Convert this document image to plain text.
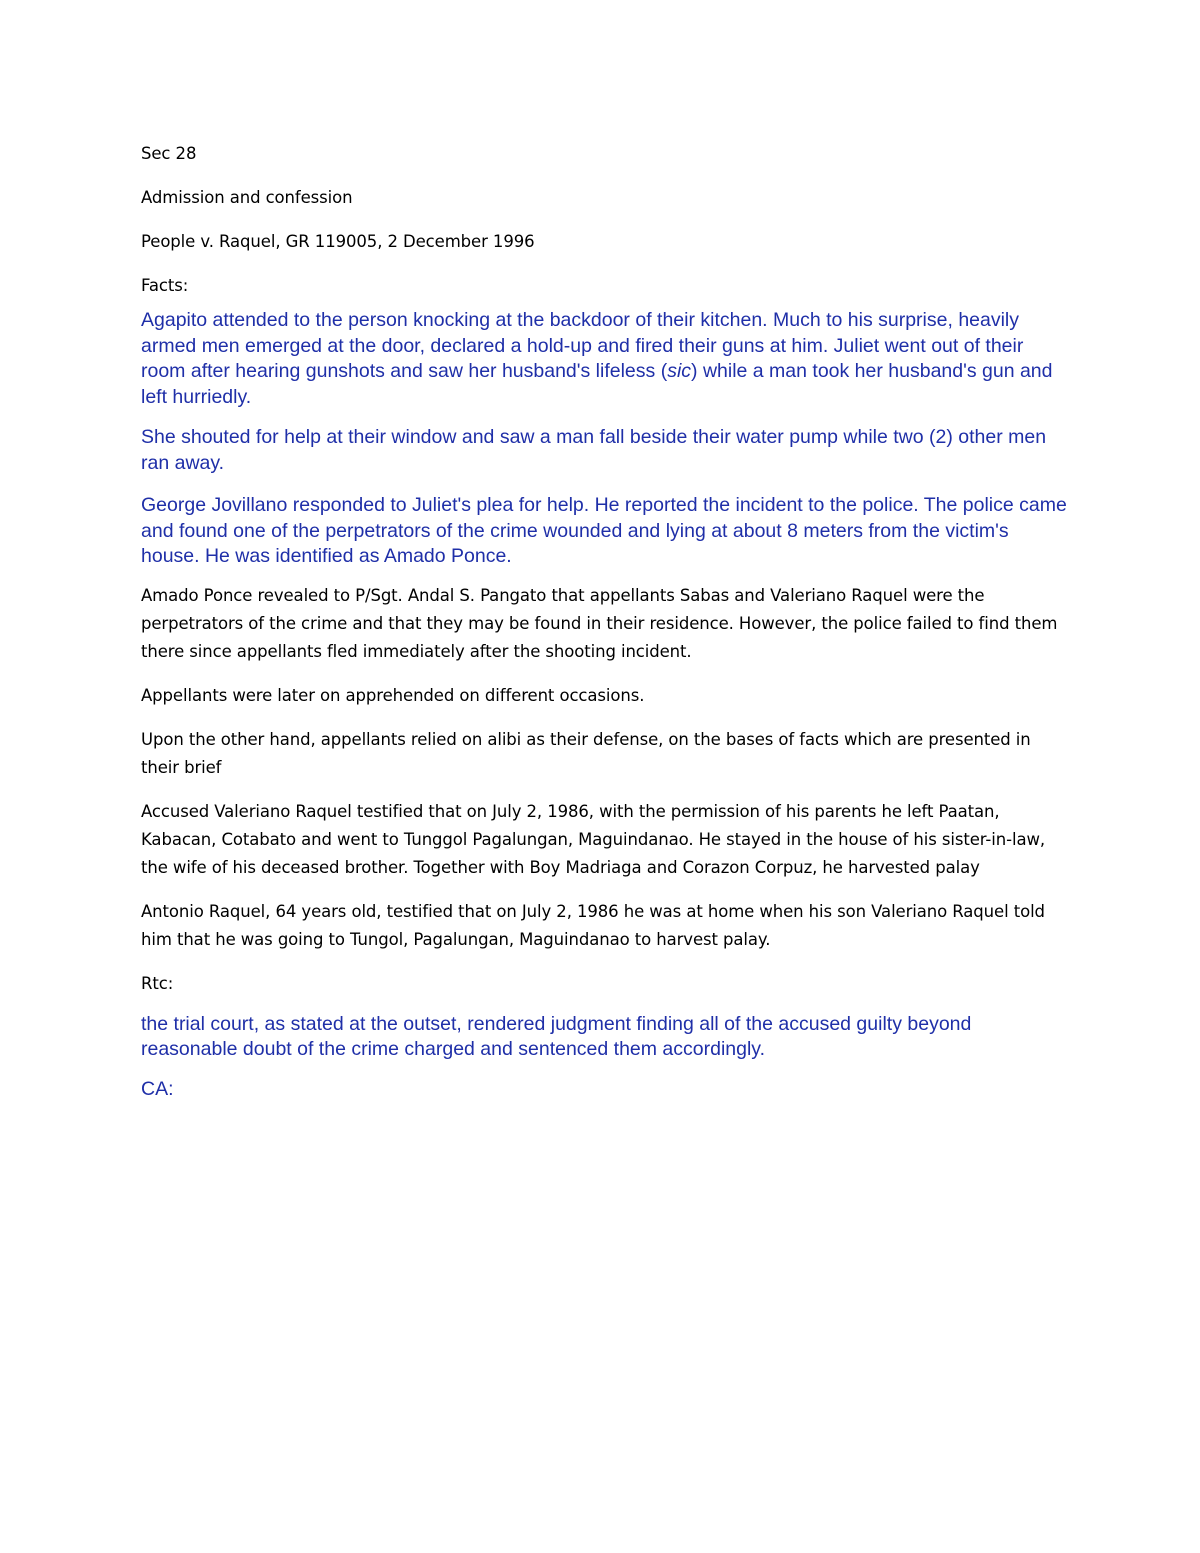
Sec 28

Admission and confession

People v. Raquel, GR 119005, 2 December 1996

Facts:

Agapito attended to the person knocking at the backdoor of their kitchen. Much to his surprise, heavily armed men emerged at the door, declared a hold-up and fired their guns at him. Juliet went out of their room after hearing gunshots and saw her husband's lifeless (sic) while a man took her husband's gun and left hurriedly.

She shouted for help at their window and saw a man fall beside their water pump while two (2) other men ran away.

George Jovillano responded to Juliet's plea for help. He reported the incident to the police. The police came and found one of the perpetrators of the crime wounded and lying at about 8 meters from the victim's house. He was identified as Amado Ponce.

Amado Ponce revealed to P/Sgt. Andal S. Pangato that appellants Sabas and Valeriano Raquel were the perpetrators of the crime and that they may be found in their residence. However, the police failed to find them there since appellants fled immediately after the shooting incident.

Appellants were later on apprehended on different occasions.

Upon the other hand, appellants relied on alibi as their defense, on the bases of facts which are presented in their brief

Accused Valeriano Raquel testified that on July 2, 1986, with the permission of his parents he left Paatan, Kabacan, Cotabato and went to Tunggol Pagalungan, Maguindanao. He stayed in the house of his sister-in-law, the wife of his deceased brother. Together with Boy Madriaga and Corazon Corpuz, he harvested palay

Antonio Raquel, 64 years old, testified that on July 2, 1986 he was at home when his son Valeriano Raquel told him that he was going to Tungol, Pagalungan, Maguindanao to harvest palay.

Rtc:

the trial court, as stated at the outset, rendered judgment finding all of the accused guilty beyond reasonable doubt of the crime charged and sentenced them accordingly.

CA:
